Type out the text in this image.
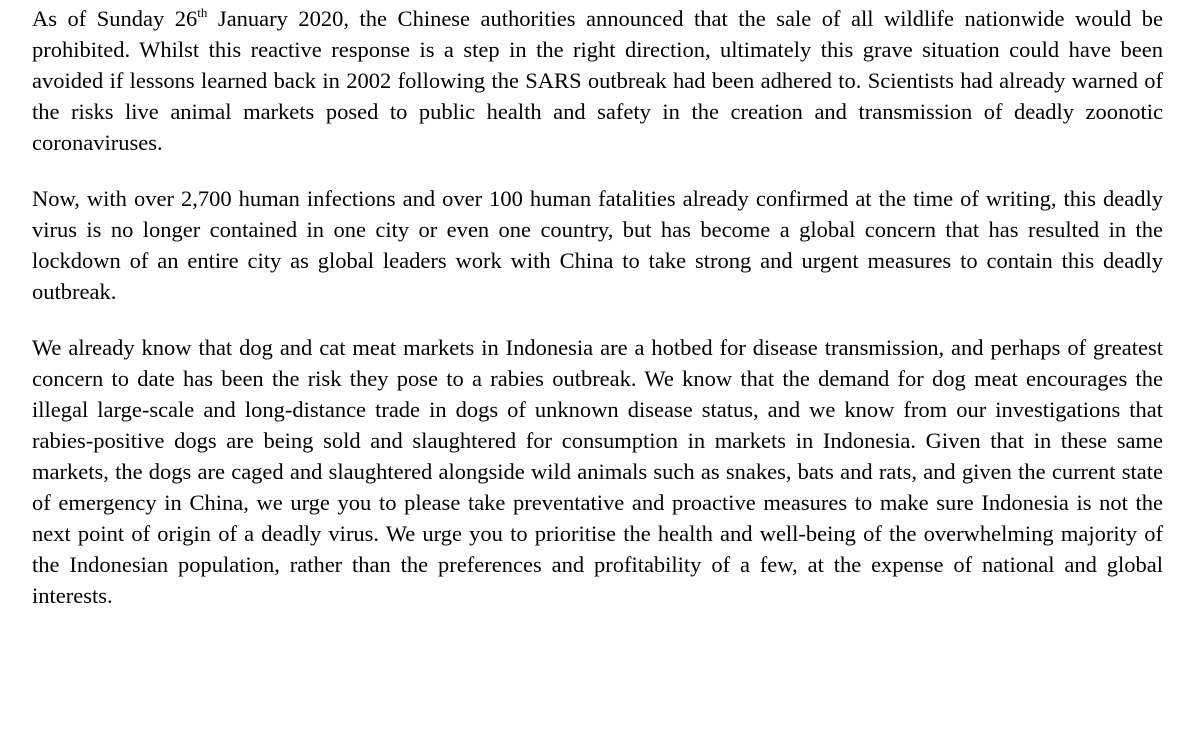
As of Sunday 26th January 2020, the Chinese authorities announced that the sale of all wildlife nationwide would be prohibited. Whilst this reactive response is a step in the right direction, ultimately this grave situation could have been avoided if lessons learned back in 2002 following the SARS outbreak had been adhered to. Scientists had already warned of the risks live animal markets posed to public health and safety in the creation and transmission of deadly zoonotic coronaviruses.

Now, with over 2,700 human infections and over 100 human fatalities already confirmed at the time of writing, this deadly virus is no longer contained in one city or even one country, but has become a global concern that has resulted in the lockdown of an entire city as global leaders work with China to take strong and urgent measures to contain this deadly outbreak.

We already know that dog and cat meat markets in Indonesia are a hotbed for disease transmission, and perhaps of greatest concern to date has been the risk they pose to a rabies outbreak. We know that the demand for dog meat encourages the illegal large-scale and long-distance trade in dogs of unknown disease status, and we know from our investigations that rabies-positive dogs are being sold and slaughtered for consumption in markets in Indonesia. Given that in these same markets, the dogs are caged and slaughtered alongside wild animals such as snakes, bats and rats, and given the current state of emergency in China, we urge you to please take preventative and proactive measures to make sure Indonesia is not the next point of origin of a deadly virus. We urge you to prioritise the health and well-being of the overwhelming majority of the Indonesian population, rather than the preferences and profitability of a few, at the expense of national and global interests.
